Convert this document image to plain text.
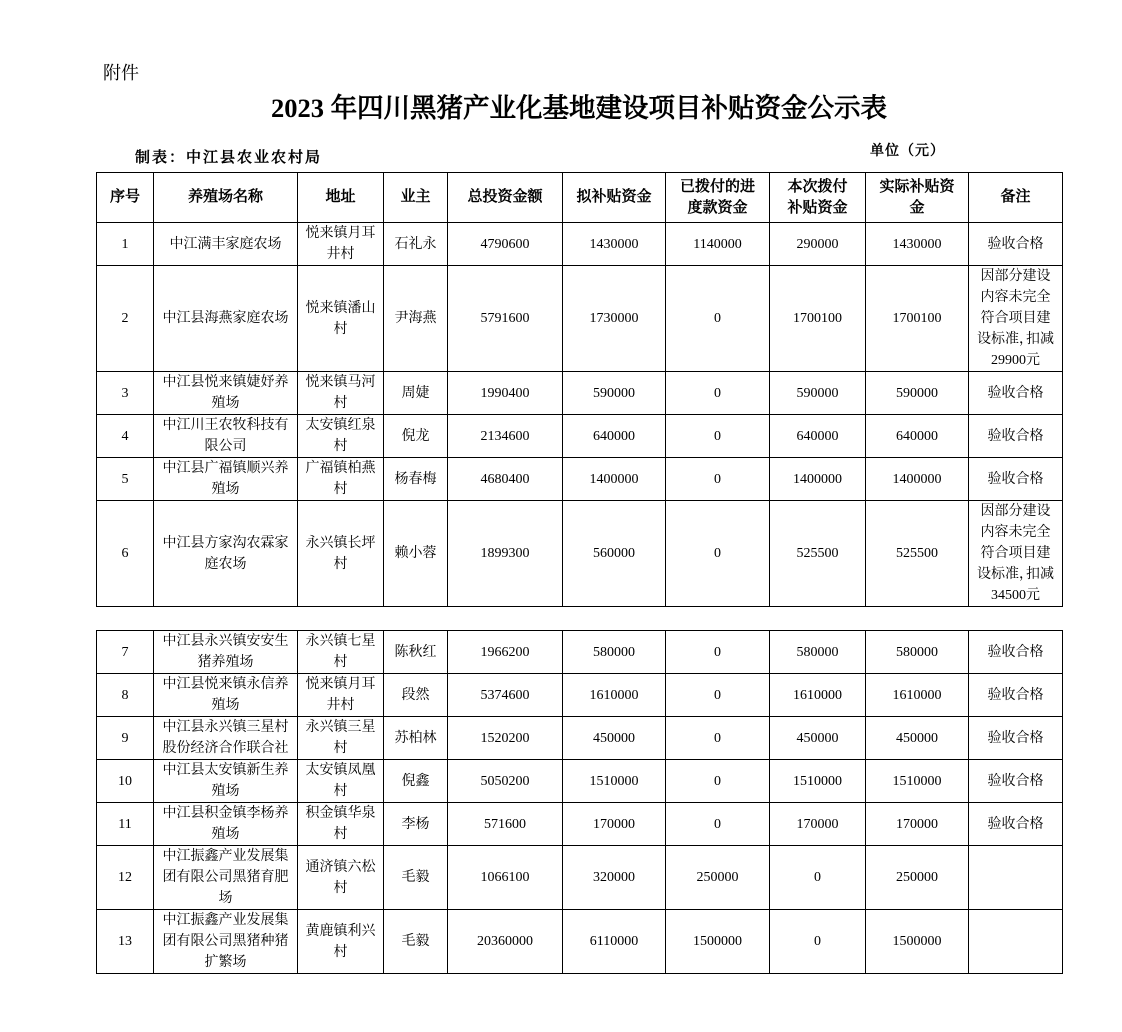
附件
2023 年四川黑猪产业化基地建设项目补贴资金公示表
制表：中江县农业农村局	单位（元）
序号	养殖场名称	地址	业主	总投资金额	拟补贴资金	已拨付的进度款资金	本次拨付补贴资金	实际补贴资金	备注
1	中江满丰家庭农场	悦来镇月耳井村	石礼永	4790600	1430000	1140000	290000	1430000	验收合格
2	中江县海燕家庭农场	悦来镇潘山村	尹海燕	5791600	1730000	0	1700100	1700100	因部分建设内容未完全符合项目建设标准，扣减29900元
3	中江县悦来镇婕妤养殖场	悦来镇马河村	周婕	1990400	590000	0	590000	590000	验收合格
4	中江川王农牧科技有限公司	太安镇红泉村	倪龙	2134600	640000	0	640000	640000	验收合格
5	中江县广福镇顺兴养殖场	广福镇柏燕村	杨春梅	4680400	1400000	0	1400000	1400000	验收合格
6	中江县方家沟农霖家庭农场	永兴镇长坪村	赖小蓉	1899300	560000	0	525500	525500	因部分建设内容未完全符合项目建设标准，扣减34500元
7	中江县永兴镇安安生猪养殖场	永兴镇七星村	陈秋红	1966200	580000	0	580000	580000	验收合格
8	中江县悦来镇永信养殖场	悦来镇月耳井村	段然	5374600	1610000	0	1610000	1610000	验收合格
9	中江县永兴镇三星村股份经济合作联合社	永兴镇三星村	苏柏林	1520200	450000	0	450000	450000	验收合格
10	中江县太安镇新生养殖场	太安镇凤凰村	倪鑫	5050200	1510000	0	1510000	1510000	验收合格
11	中江县积金镇李杨养殖场	积金镇华泉村	李杨	571600	170000	0	170000	170000	验收合格
12	中江振鑫产业发展集团有限公司黑猪育肥场	通济镇六松村	毛毅	1066100	320000	250000	0	250000	
13	中江振鑫产业发展集团有限公司黑猪种猪扩繁场	黄鹿镇利兴村	毛毅	20360000	6110000	1500000	0	1500000	
